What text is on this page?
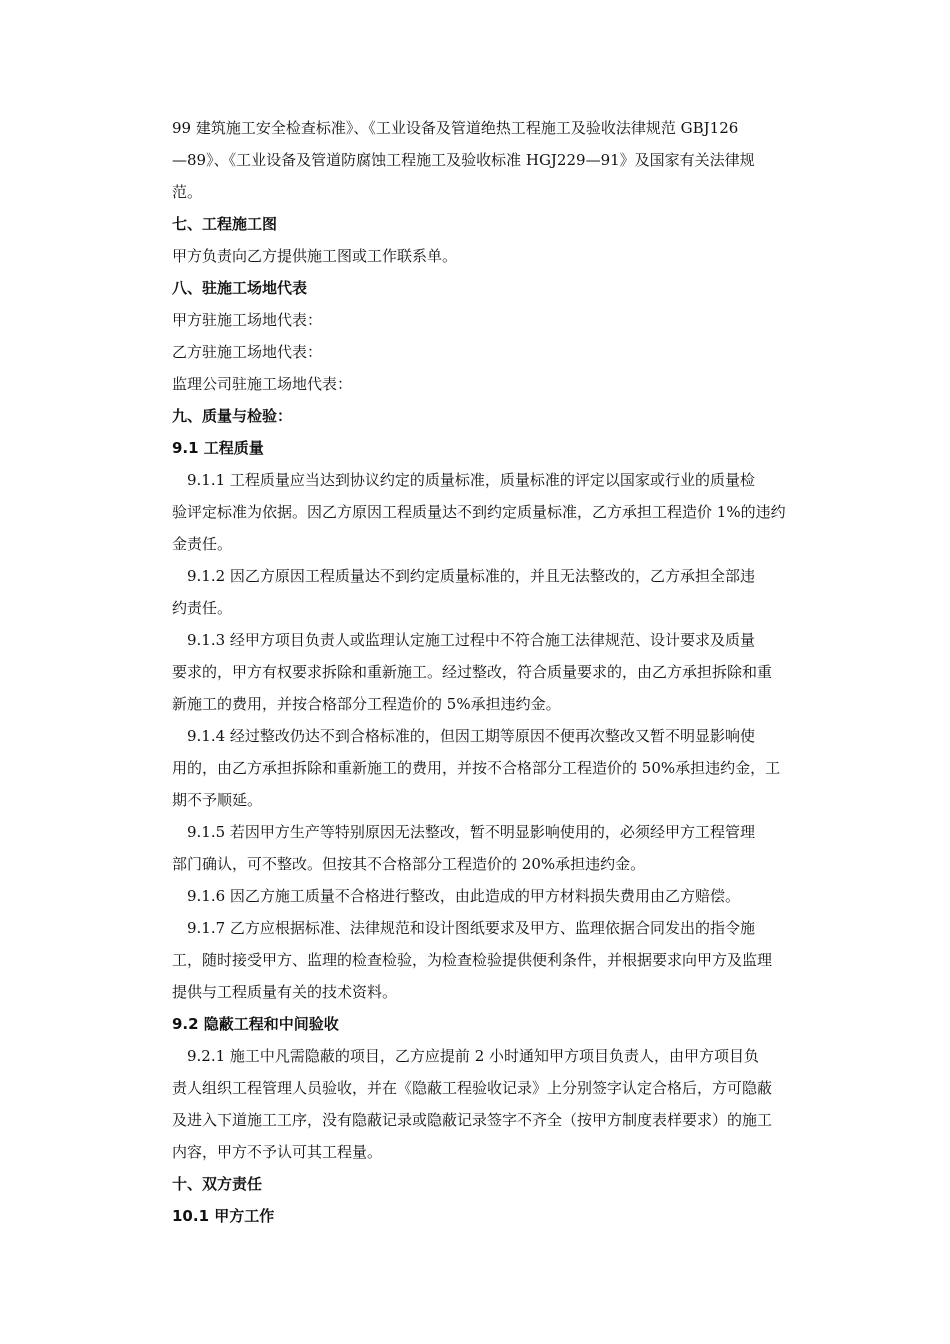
99 建筑施工安全检查标准》、《工业设备及管道绝热工程施工及验收法律规范 GBJ126
—89》、《工业设备及管道防腐蚀工程施工及验收标准 HGJ229—91》及国家有关法律规
范。
七、工程施工图
甲方负责向乙方提供施工图或工作联系单。
八、驻施工场地代表
甲方驻施工场地代表：
乙方驻施工场地代表：
监理公司驻施工场地代表：
九、质量与检验：
9.1 工程质量
　9.1.1 工程质量应当达到协议约定的质量标准，质量标准的评定以国家或行业的质量检
验评定标准为依据。因乙方原因工程质量达不到约定质量标准，乙方承担工程造价 1%的违约
金责任。
　9.1.2 因乙方原因工程质量达不到约定质量标准的，并且无法整改的，乙方承担全部违
约责任。
　9.1.3 经甲方项目负责人或监理认定施工过程中不符合施工法律规范、设计要求及质量
要求的，甲方有权要求拆除和重新施工。经过整改，符合质量要求的，由乙方承担拆除和重
新施工的费用，并按合格部分工程造价的 5%承担违约金。
　9.1.4 经过整改仍达不到合格标准的，但因工期等原因不便再次整改又暂不明显影响使
用的，由乙方承担拆除和重新施工的费用，并按不合格部分工程造价的 50%承担违约金，工
期不予顺延。
　9.1.5 若因甲方生产等特别原因无法整改，暂不明显影响使用的，必须经甲方工程管理
部门确认，可不整改。但按其不合格部分工程造价的 20%承担违约金。
　9.1.6 因乙方施工质量不合格进行整改，由此造成的甲方材料损失费用由乙方赔偿。
　9.1.7 乙方应根据标准、法律规范和设计图纸要求及甲方、监理依据合同发出的指令施
工，随时接受甲方、监理的检查检验，为检查检验提供便利条件，并根据要求向甲方及监理
提供与工程质量有关的技术资料。
9.2 隐蔽工程和中间验收
　9.2.1 施工中凡需隐蔽的项目，乙方应提前 2 小时通知甲方项目负责人，由甲方项目负
责人组织工程管理人员验收，并在《隐蔽工程验收记录》上分别签字认定合格后，方可隐蔽
及进入下道施工工序，没有隐蔽记录或隐蔽记录签字不齐全（按甲方制度表样要求）的施工
内容，甲方不予认可其工程量。
十、双方责任
10.1 甲方工作
